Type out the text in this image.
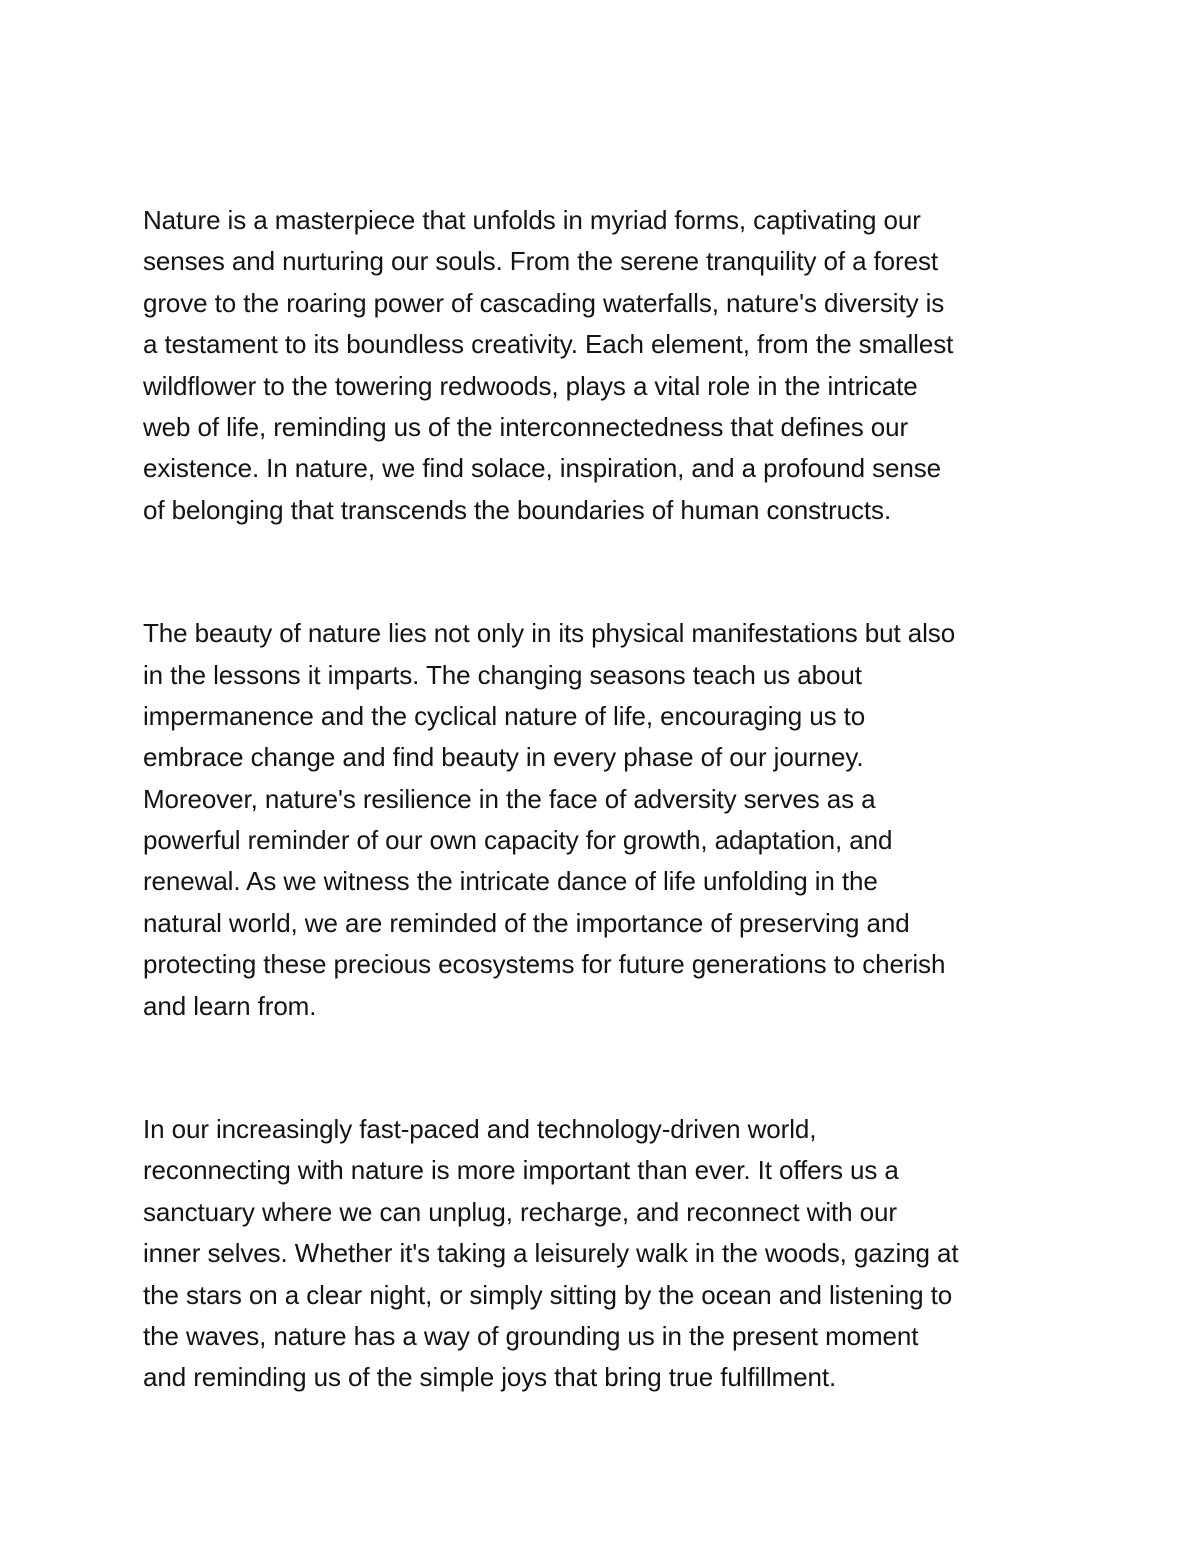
Nature is a masterpiece that unfolds in myriad forms, captivating our
senses and nurturing our souls. From the serene tranquility of a forest
grove to the roaring power of cascading waterfalls, nature's diversity is
a testament to its boundless creativity. Each element, from the smallest
wildflower to the towering redwoods, plays a vital role in the intricate
web of life, reminding us of the interconnectedness that defines our
existence. In nature, we find solace, inspiration, and a profound sense
of belonging that transcends the boundaries of human constructs.
The beauty of nature lies not only in its physical manifestations but also
in the lessons it imparts. The changing seasons teach us about
impermanence and the cyclical nature of life, encouraging us to
embrace change and find beauty in every phase of our journey.
Moreover, nature's resilience in the face of adversity serves as a
powerful reminder of our own capacity for growth, adaptation, and
renewal. As we witness the intricate dance of life unfolding in the
natural world, we are reminded of the importance of preserving and
protecting these precious ecosystems for future generations to cherish
and learn from.
In our increasingly fast-paced and technology-driven world,
reconnecting with nature is more important than ever. It offers us a
sanctuary where we can unplug, recharge, and reconnect with our
inner selves. Whether it's taking a leisurely walk in the woods, gazing at
the stars on a clear night, or simply sitting by the ocean and listening to
the waves, nature has a way of grounding us in the present moment
and reminding us of the simple joys that bring true fulfillment.
